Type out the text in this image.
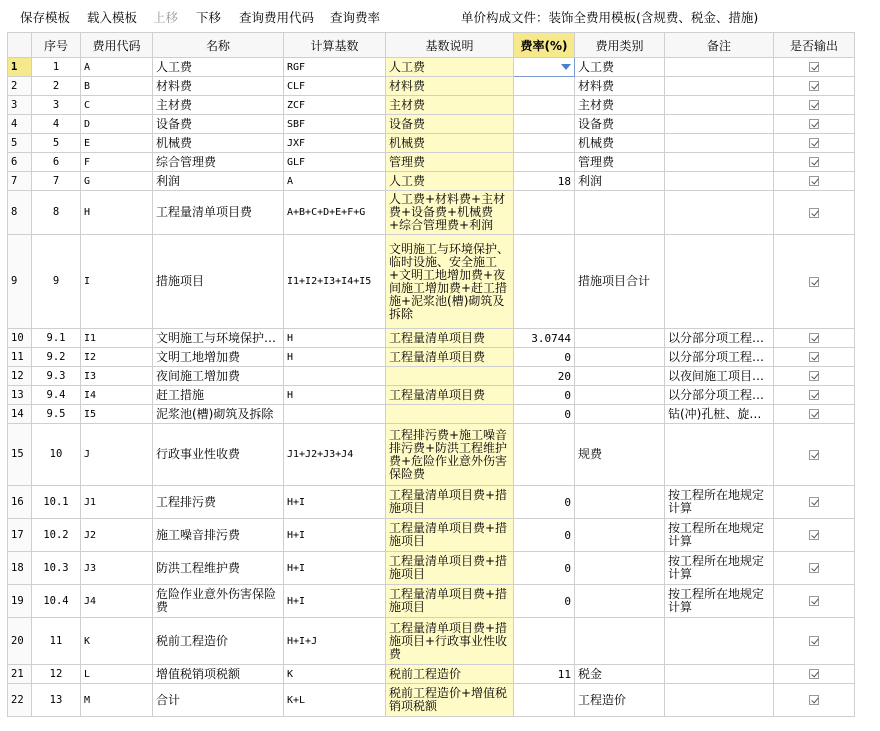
保存模板 载入模板 上移 下移 查询费用代码 查询费率	单价构成文件：装饰全费用模板(含规费、税金、措施)
	序号	费用代码	名称	计算基数	基数说明	费率(%)	费用类别	备注	是否输出
1	1	A	人工费	RGF	人工费		人工费		
2	2	B	材料费	CLF	材料费		材料费		
3	3	C	主材费	ZCF	主材费		主材费		
4	4	D	设备费	SBF	设备费		设备费		
5	5	E	机械费	JXF	机械费		机械费		
6	6	F	综合管理费	GLF	管理费		管理费		
7	7	G	利润	A	人工费	18	利润		
8	8	H	工程量清单项目费	A+B+C+D+E+F+G	人工费+材料费+主材费+设备费+机械费+综合管理费+利润				
9	9	I	措施项目	I1+I2+I3+I4+I5	文明施工与环境保护、临时设施、安全施工+文明工地增加费+夜间施工增加费+赶工措施+泥浆池(槽)砌筑及拆除		措施项目合计		
10	9.1	I1	文明施工与环境保护…	H	工程量清单项目费	3.0744		以分部分项工程…	
11	9.2	I2	文明工地增加费	H	工程量清单项目费	0		以分部分项工程…	
12	9.3	I3	夜间施工增加费			20		以夜间施工项目…	
13	9.4	I4	赶工措施	H	工程量清单项目费	0		以分部分项工程…	
14	9.5	I5	泥浆池(槽)砌筑及拆除			0		钻(冲)孔桩、旋…	
15	10	J	行政事业性收费	J1+J2+J3+J4	工程排污费+施工噪音排污费+防洪工程维护费+危险作业意外伤害保险费		规费		
16	10.1	J1	工程排污费	H+I	工程量清单项目费+措施项目	0		按工程所在地规定计算	
17	10.2	J2	施工噪音排污费	H+I	工程量清单项目费+措施项目	0		按工程所在地规定计算	
18	10.3	J3	防洪工程维护费	H+I	工程量清单项目费+措施项目	0		按工程所在地规定计算	
19	10.4	J4	危险作业意外伤害保险费	H+I	工程量清单项目费+措施项目	0		按工程所在地规定计算	
20	11	K	税前工程造价	H+I+J	工程量清单项目费+措施项目+行政事业性收费				
21	12	L	增值税销项税额	K	税前工程造价	11	税金		
22	13	M	合计	K+L	税前工程造价+增值税销项税额		工程造价		
